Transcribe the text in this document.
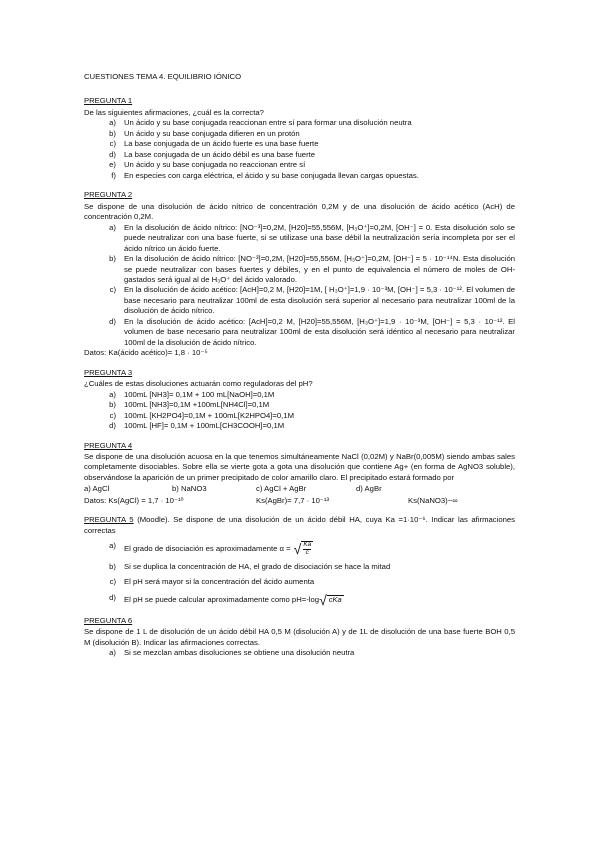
CUESTIONES TEMA 4. EQUILIBRIO IÓNICO

PREGUNTA 1

De las siguientes afirmaciones, ¿cuál es la correcta?

a)	Un ácido y su base conjugada reaccionan entre sí para formar una disolución neutra
b)	Un ácido y su base conjugada difieren en un protón
c)	La base conjugada de un ácido fuerte es una base fuerte
d)	La base conjugada de un ácido débil es una base fuerte
e)	Un ácido y su base conjugada no reaccionan entre sí
f)	En especies con carga eléctrica, el ácido y su base conjugada llevan cargas opuestas.

PREGUNTA 2

Se dispone de una disolución de ácido nítrico de concentración 0,2M y de una disolución de ácido acético (AcH) de concentración 0,2M.

a)	En la disolución de ácido nítrico: [NO⁻³]=0,2M, [H20]=55,556M, [H₃O⁺]=0,2M, [OH⁻] = 0. Esta disolución solo se puede neutralizar con una base fuerte, si se utilizase una base débil la neutralización sería incompleta por ser el ácido nítrico un ácido fuerte.
b)	En la disolución de ácido nítrico: [NO⁻³]=0,2M, [H20]=55,556M, [H₃O⁺]=0,2M, [OH⁻] = 5 · 10⁻¹⁴N. Esta disolución se puede neutralizar con bases fuertes y débiles, y en el punto de equivalencia el número de moles de OH- gastados será igual al de H₃O⁺ del ácido valorado.
c)	En la disolución de ácido acético: [AcH]=0,2 M, [H20]=1M, [ H₃O⁺]=1,9 · 10⁻³M, [OH⁻] = 5,3 · 10⁻¹². El volumen de base necesario para neutralizar 100ml de esta disolución será superior al necesario para neutralizar 100ml de la disolución de ácido nítrico.
d)	En la disolución de ácido acético: [AcH]=0,2 M, [H20]=55,556M, [H₃O⁺]=1,9 · 10⁻³M, [OH⁻] = 5,3 · 10⁻¹². El volumen de base necesario para neutralizar 100ml de esta disolución será idéntico al necesario para neutralizar 100ml de la disolución de ácido nítrico.

Datos: Ka(ácido acético)= 1,8 · 10⁻⁵

PREGUNTA 3

¿Cuáles de estas disoluciones actuarán como reguladoras del pH?

a)	100mL [NH3]= 0,1M + 100 mL[NaOH]=0,1M
b)	100mL [NH3]=0,1M +100mL[NH4Cl]=0,1M
c)	100mL [KH2PO4]=0,1M + 100mL[K2HPO4]=0,1M
d)	100mL [HF]= 0,1M + 100mL[CH3COOH]=0,1M

PREGUNTA 4

Se dispone de una disolución acuosa en la que tenemos simultáneamente NaCl (0,02M) y NaBr(0,005M) siendo ambas sales completamente disociables. Sobre ella se vierte gota a gota una disolución que contiene Ag+ (en forma de AgNO3 soluble), observándose la aparición de un primer precipitado de color amarillo claro. El precipitado estará formado por

a) AgCl	b) NaNO3	c) AgCl + AgBr	d) AgBr
Datos: Ks(AgCl) = 1,7 · 10⁻¹⁰	Ks(AgBr)= 7,7 · 10⁻¹³	Ks(NaNO3)~∞

PREGUNTA 5 (Moodle). Se dispone de una disolución de un ácido débil HA, cuya Ka =1·10⁻⁶. Indicar las afirmaciones correctas

a)	El grado de disociación es aproximadamente α = √ $\frac{Ka}{c}$
b)	Si se duplica la concentración de HA, el grado de disociación se hace la mitad
c)	El pH será mayor si la concentración del ácido aumenta
d)	El pH se puede calcular aproximadamente como pH=-log √ cKa

PREGUNTA 6

Se dispone de 1 L de disolución de un ácido débil HA 0,5 M (disolución A) y de 1L de disolución de una base fuerte BOH 0,5 M (disolución B). Indicar las afirmaciones correctas.

a)	Si se mezclan ambas disoluciones se obtiene una disolución neutra
